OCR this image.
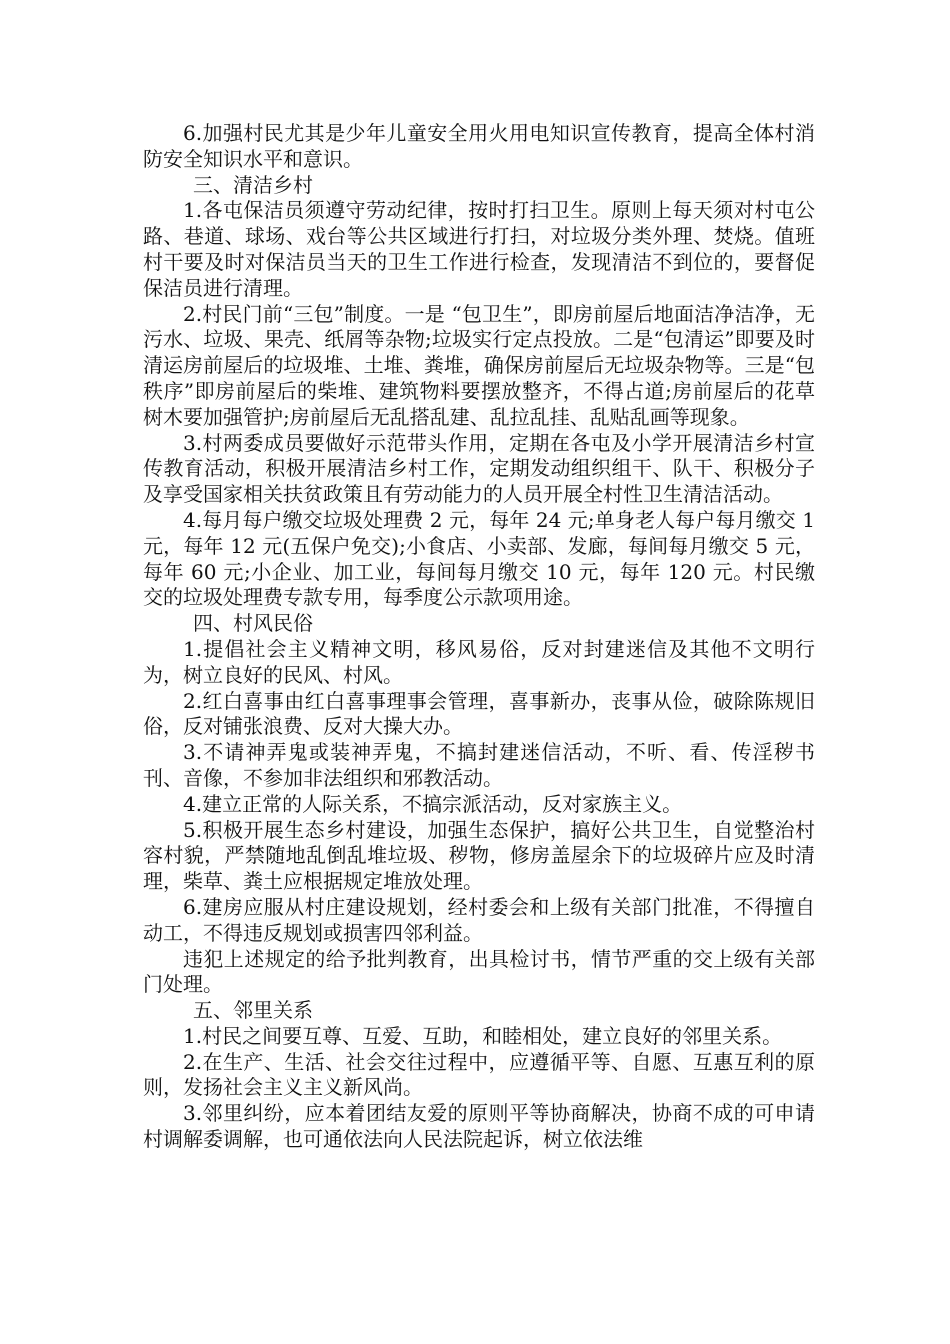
6.加强村民尤其是少年儿童安全用火用电知识宣传教育，提高全体村消防安全知识水平和意识。

三、清洁乡村

1.各屯保洁员须遵守劳动纪律，按时打扫卫生。原则上每天须对村屯公路、巷道、球场、戏台等公共区域进行打扫，对垃圾分类外理、焚烧。值班村干要及时对保洁员当天的卫生工作进行检查，发现清洁不到位的，要督促保洁员进行清理。

2.村民门前“三包”制度。一是 “包卫生”，即房前屋后地面洁净洁净，无污水、垃圾、果壳、纸屑等杂物;垃圾实行定点投放。二是“包清运”即要及时清运房前屋后的垃圾堆、土堆、粪堆，确保房前屋后无垃圾杂物等。三是“包秩序”即房前屋后的柴堆、建筑物料要摆放整齐，不得占道;房前屋后的花草树木要加强管护;房前屋后无乱搭乱建、乱拉乱挂、乱贴乱画等现象。

3.村两委成员要做好示范带头作用，定期在各屯及小学开展清洁乡村宣传教育活动，积极开展清洁乡村工作，定期发动组织组干、队干、积极分子及享受国家相关扶贫政策且有劳动能力的人员开展全村性卫生清洁活动。

4.每月每户缴交垃圾处理费 2 元，每年 24 元;单身老人每户每月缴交 1 元，每年 12 元(五保户免交);小食店、小卖部、发廊，每间每月缴交 5 元，每年 60 元;小企业、加工业，每间每月缴交 10 元，每年 120 元。村民缴交的垃圾处理费专款专用，每季度公示款项用途。

四、村风民俗

1.提倡社会主义精神文明，移风易俗，反对封建迷信及其他不文明行为，树立良好的民风、村风。

2.红白喜事由红白喜事理事会管理，喜事新办，丧事从俭，破除陈规旧俗，反对铺张浪费、反对大操大办。

3.不请神弄鬼或装神弄鬼，不搞封建迷信活动，不听、看、传淫秽书刊、音像，不参加非法组织和邪教活动。

4.建立正常的人际关系，不搞宗派活动，反对家族主义。

5.积极开展生态乡村建设，加强生态保护，搞好公共卫生，自觉整治村容村貌，严禁随地乱倒乱堆垃圾、秽物，修房盖屋余下的垃圾碎片应及时清理，柴草、粪土应根据规定堆放处理。

6.建房应服从村庄建设规划，经村委会和上级有关部门批准，不得擅自动工，不得违反规划或损害四邻利益。

违犯上述规定的给予批判教育，出具检讨书，情节严重的交上级有关部门处理。

五、邻里关系

1.村民之间要互尊、互爱、互助，和睦相处，建立良好的邻里关系。

2.在生产、生活、社会交往过程中，应遵循平等、自愿、互惠互利的原则，发扬社会主义主义新风尚。

3.邻里纠纷，应本着团结友爱的原则平等协商解决，协商不成的可申请村调解委调解，也可通依法向人民法院起诉，树立依法维
